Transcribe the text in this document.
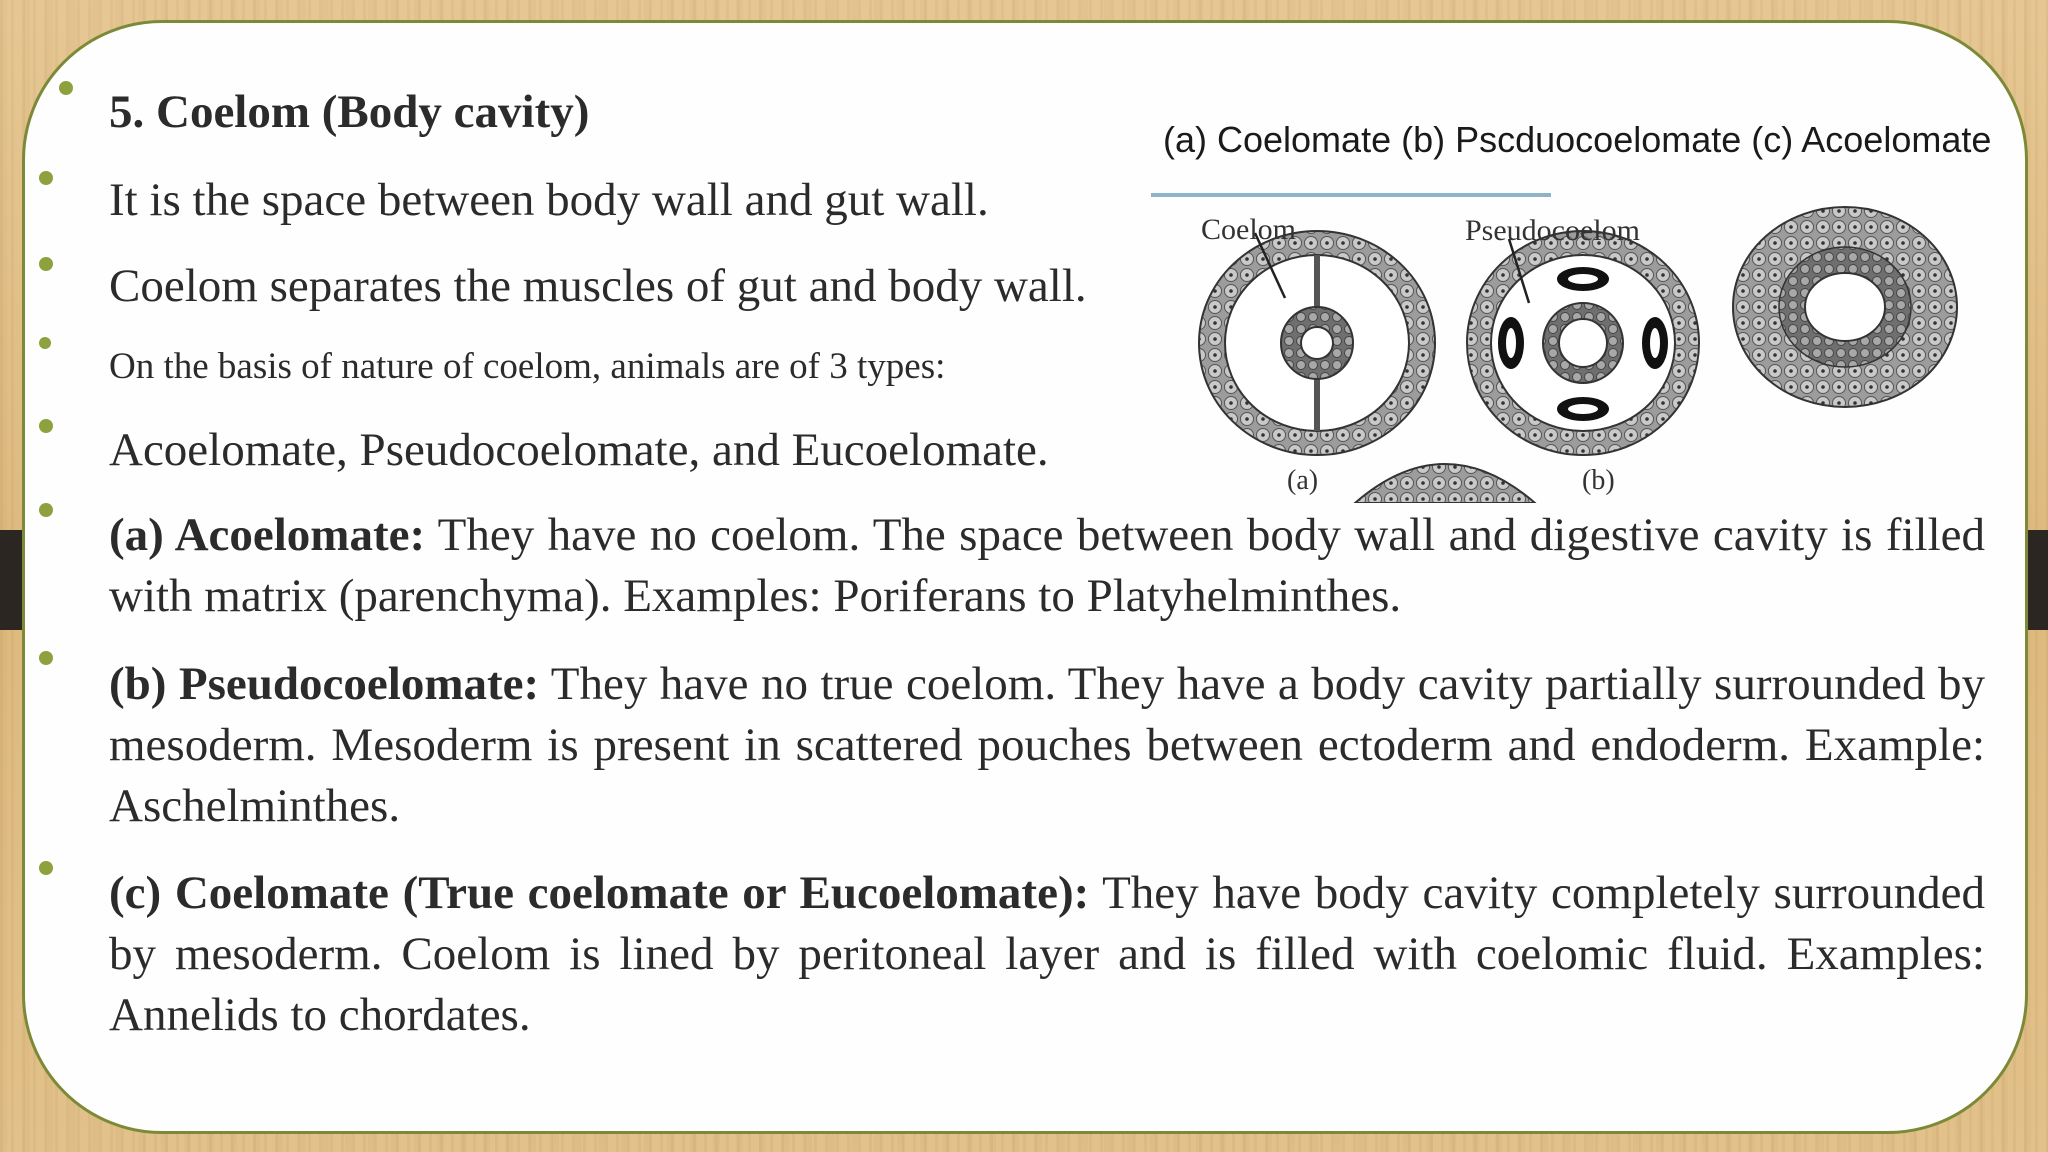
5. Coelom (Body cavity)
It is the space between body wall and gut wall.
Coelom separates the muscles of gut and body wall.
On the basis of nature of coelom, animals are of 3 types:
Acoelomate, Pseudocoelomate, and Eucoelomate.
(a) Acoelomate: They have no coelom. The space between body wall and digestive cavity is filled with matrix (parenchyma). Examples: Poriferans to Platyhelminthes.
(b) Pseudocoelomate: They have no true coelom. They have a body cavity partially surrounded by mesoderm. Mesoderm is present in scattered pouches between ectoderm and endoderm. Example: Aschelminthes.
(c) Coelomate (True coelomate or Eucoelomate): They have body cavity completely surrounded by mesoderm. Coelom is lined by peritoneal layer and is filled with coelomic fluid. Examples: Annelids to chordates.
(a) Coelomate (b) Pscduocoelomate (c) Acoelomate
Coelom	Pseudocoelom
(a)	(b)
